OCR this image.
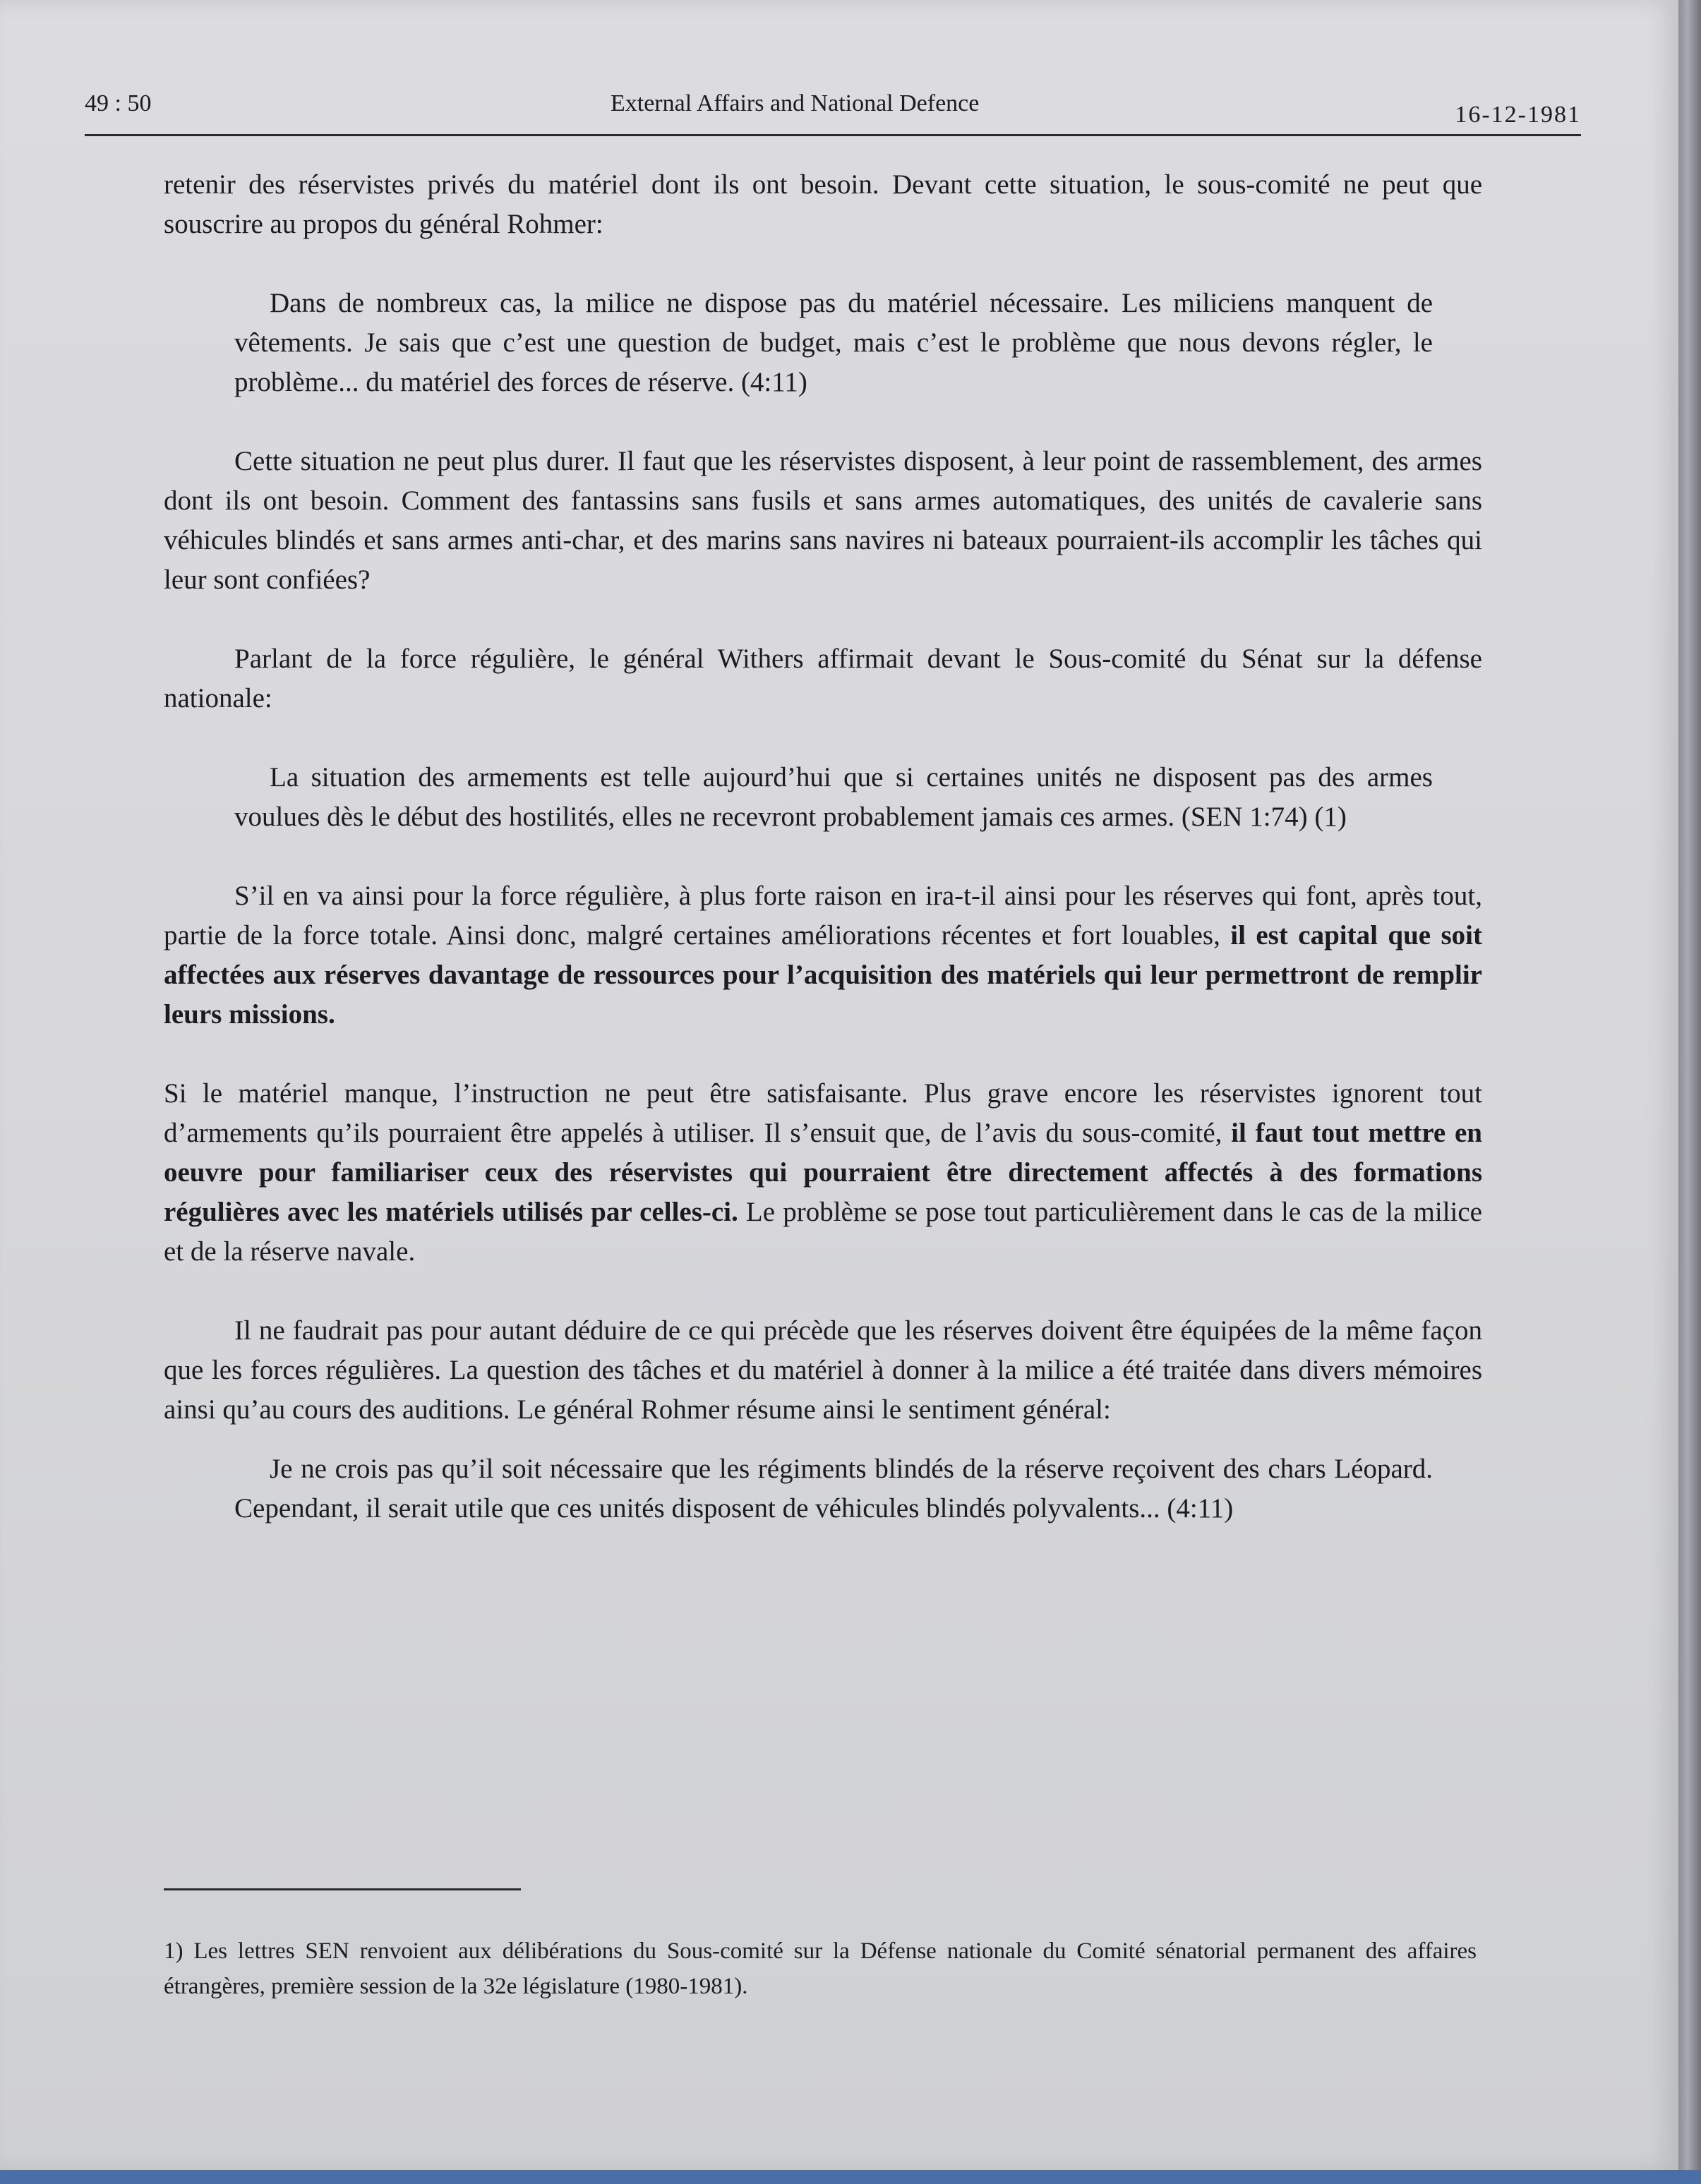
49 : 50	External Affairs and National Defence	16-12-1981

retenir des réservistes privés du matériel dont ils ont besoin. Devant cette situation, le sous-comité ne peut que souscrire au propos du général Rohmer:

Dans de nombreux cas, la milice ne dispose pas du matériel nécessaire. Les miliciens manquent de vêtements. Je sais que c’est une question de budget, mais c’est le problème que nous devons régler, le problème... du matériel des forces de réserve. (4:11)

Cette situation ne peut plus durer. Il faut que les réservistes disposent, à leur point de rassemblement, des armes dont ils ont besoin. Comment des fantassins sans fusils et sans armes automatiques, des unités de cavalerie sans véhicules blindés et sans armes anti-char, et des marins sans navires ni bateaux pourraient-ils accomplir les tâches qui leur sont confiées?

Parlant de la force régulière, le général Withers affirmait devant le Sous-comité du Sénat sur la défense nationale:

La situation des armements est telle aujourd’hui que si certaines unités ne disposent pas des armes voulues dès le début des hostilités, elles ne recevront probablement jamais ces armes. (SEN 1:74) (1)

S’il en va ainsi pour la force régulière, à plus forte raison en ira-t-il ainsi pour les réserves qui font, après tout, partie de la force totale. Ainsi donc, malgré certaines améliorations récentes et fort louables, il est capital que soit affectées aux réserves davantage de ressources pour l’acquisition des matériels qui leur permettront de remplir leurs missions.

Si le matériel manque, l’instruction ne peut être satisfaisante. Plus grave encore les réservistes ignorent tout d’armements qu’ils pourraient être appelés à utiliser. Il s’ensuit que, de l’avis du sous-comité, il faut tout mettre en oeuvre pour familiariser ceux des réservistes qui pourraient être directement affectés à des formations régulières avec les matériels utilisés par celles-ci. Le problème se pose tout particulièrement dans le cas de la milice et de la réserve navale.

Il ne faudrait pas pour autant déduire de ce qui précède que les réserves doivent être équipées de la même façon que les forces régulières. La question des tâches et du matériel à donner à la milice a été traitée dans divers mémoires ainsi qu’au cours des auditions. Le général Rohmer résume ainsi le sentiment général:

Je ne crois pas qu’il soit nécessaire que les régiments blindés de la réserve reçoivent des chars Léopard. Cependant, il serait utile que ces unités disposent de véhicules blindés polyvalents... (4:11)

1) Les lettres SEN renvoient aux délibérations du Sous-comité sur la Défense nationale du Comité sénatorial permanent des affaires étrangères, première session de la 32e législature (1980-1981).
